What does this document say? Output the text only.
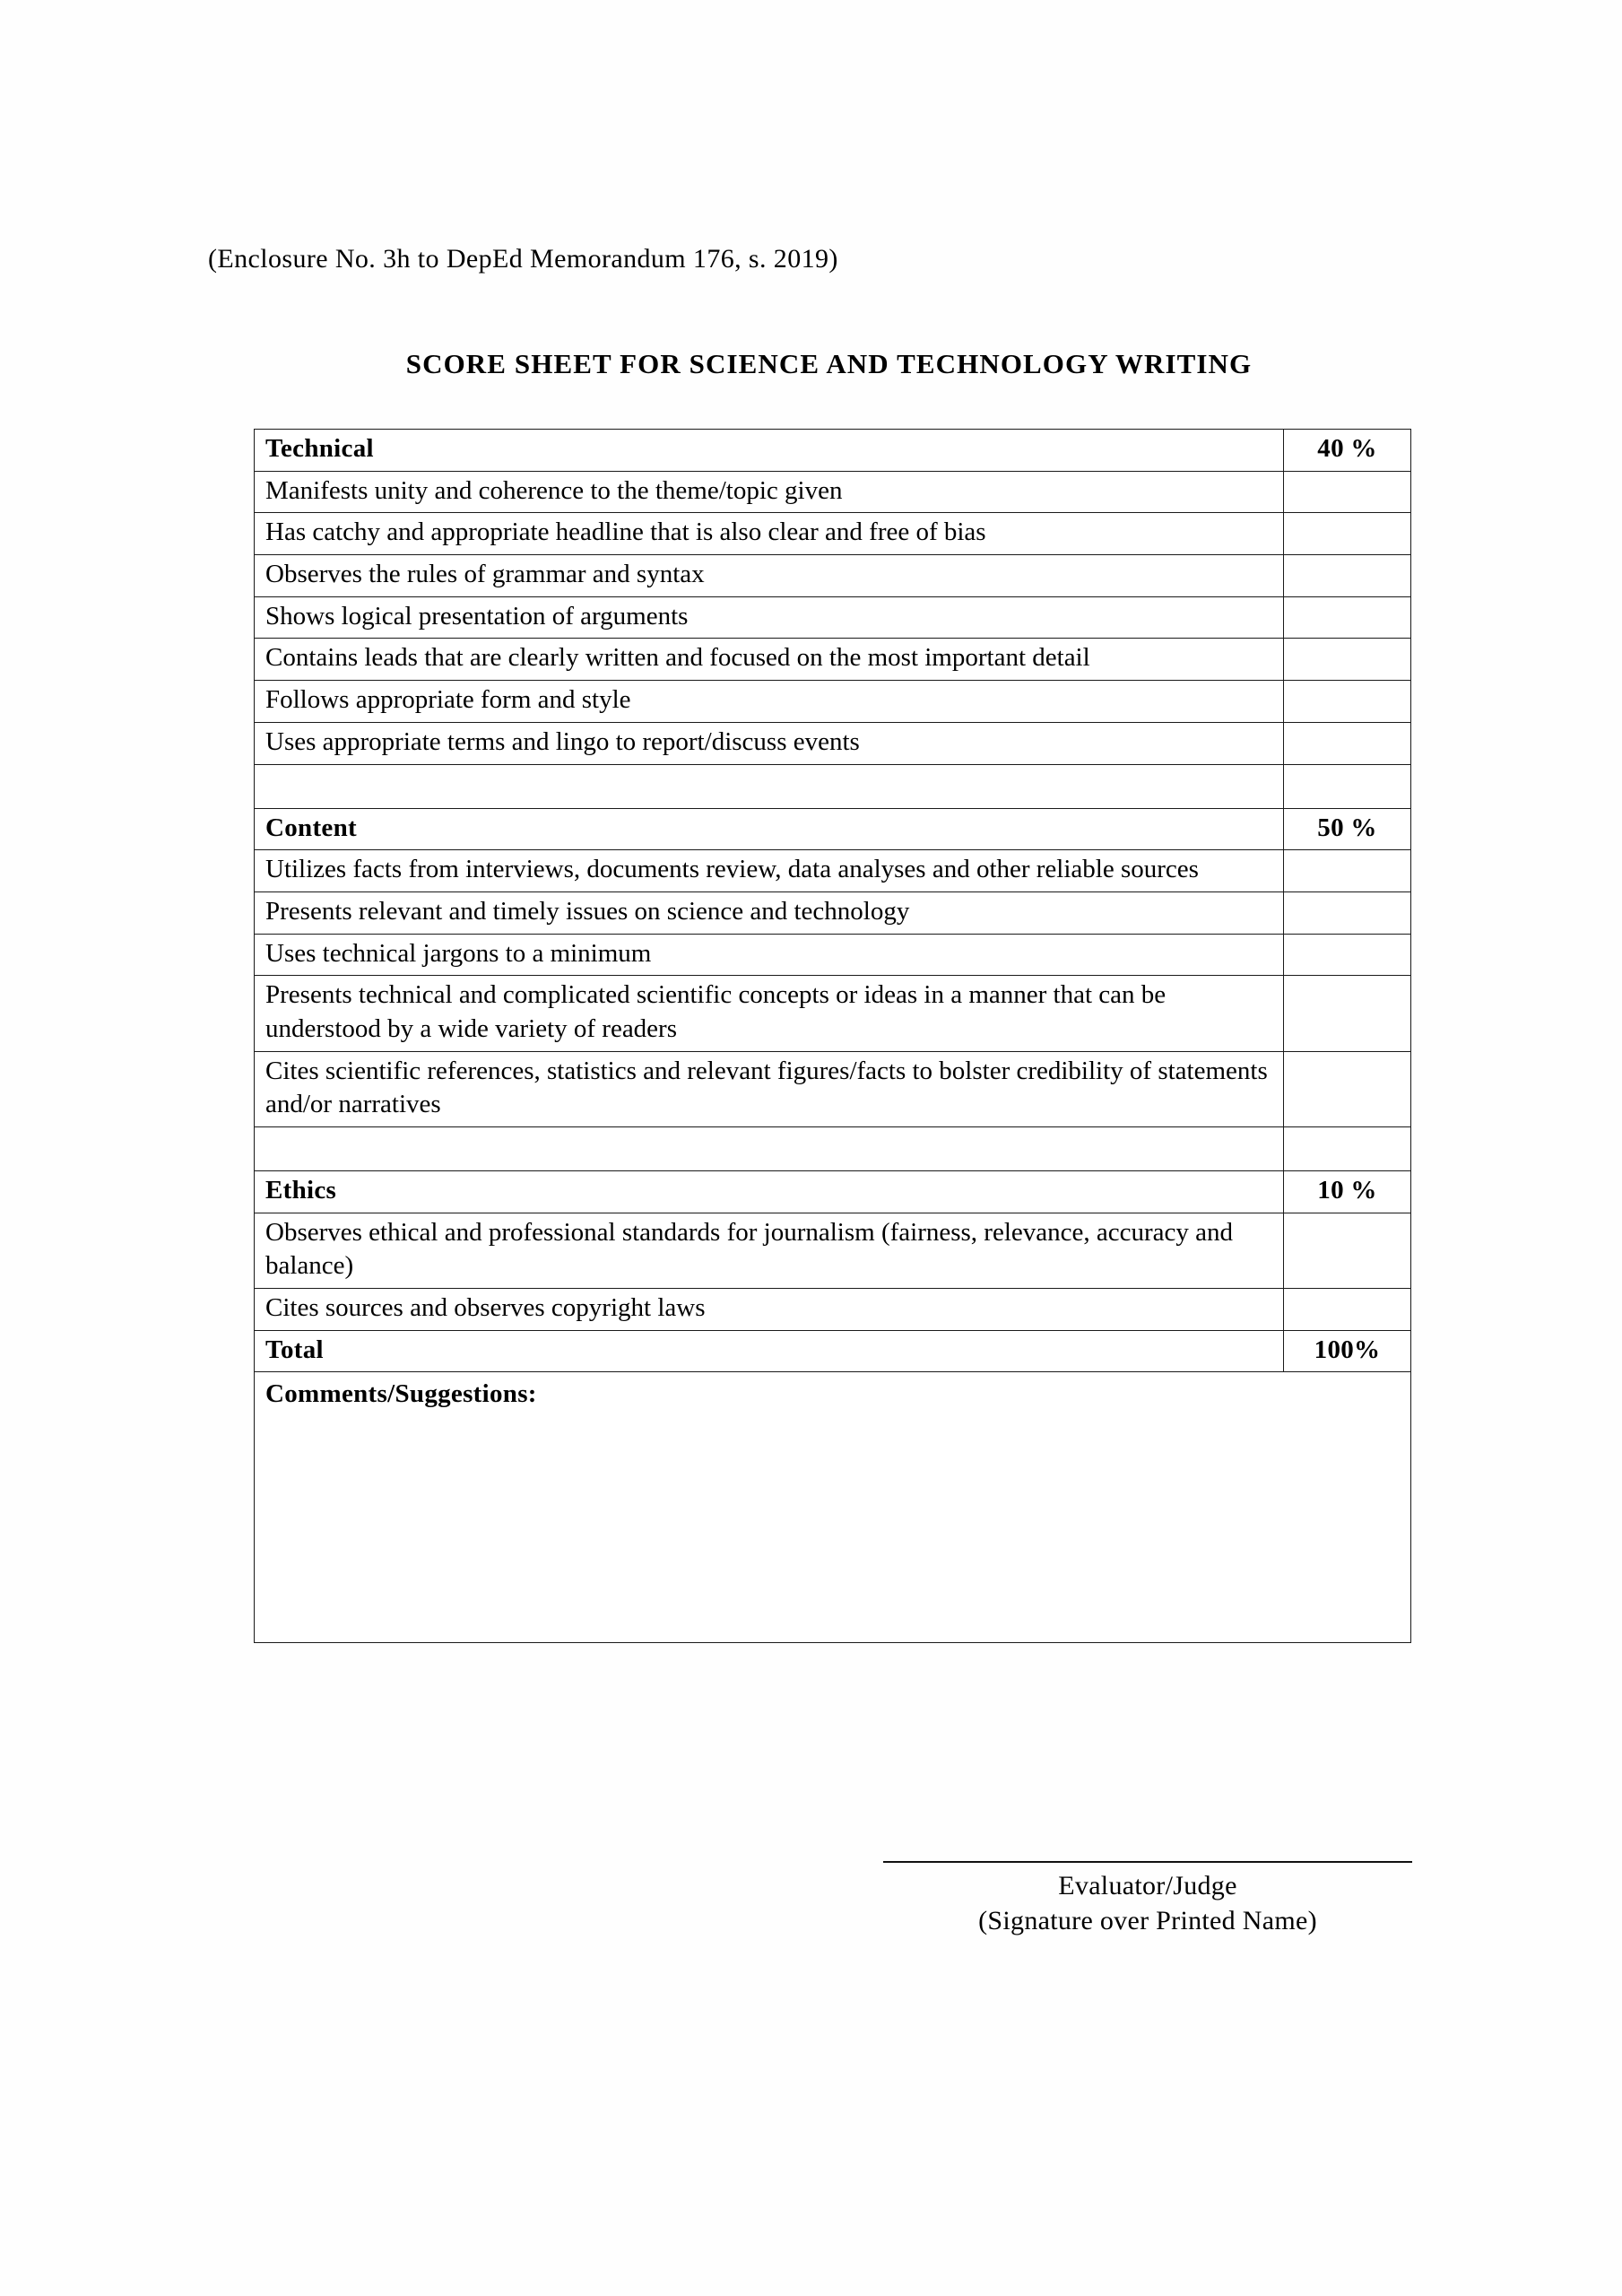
(Enclosure No. 3h to DepEd Memorandum 176, s. 2019)
SCORE SHEET FOR SCIENCE AND TECHNOLOGY WRITING
Technical	40 %
Manifests unity and coherence to the theme/topic given	
Has catchy and appropriate headline that is also clear and free of bias	
Observes the rules of grammar and syntax	
Shows logical presentation of arguments	
Contains leads that are clearly written and focused on the most important detail	
Follows appropriate form and style	
Uses appropriate terms and lingo to report/discuss events	

Content	50 %
Utilizes facts from interviews, documents review, data analyses and other reliable sources	
Presents relevant and timely issues on science and technology	
Uses technical jargons to a minimum	
Presents technical and complicated scientific concepts or ideas in a manner that can be understood by a wide variety of readers	
Cites scientific references, statistics and relevant figures/facts to bolster credibility of statements and/or narratives	

Ethics	10 %
Observes ethical and professional standards for journalism (fairness, relevance, accuracy and balance)	
Cites sources and observes copyright laws	
Total	100%
Comments/Suggestions:	
Evaluator/Judge
(Signature over Printed Name)
